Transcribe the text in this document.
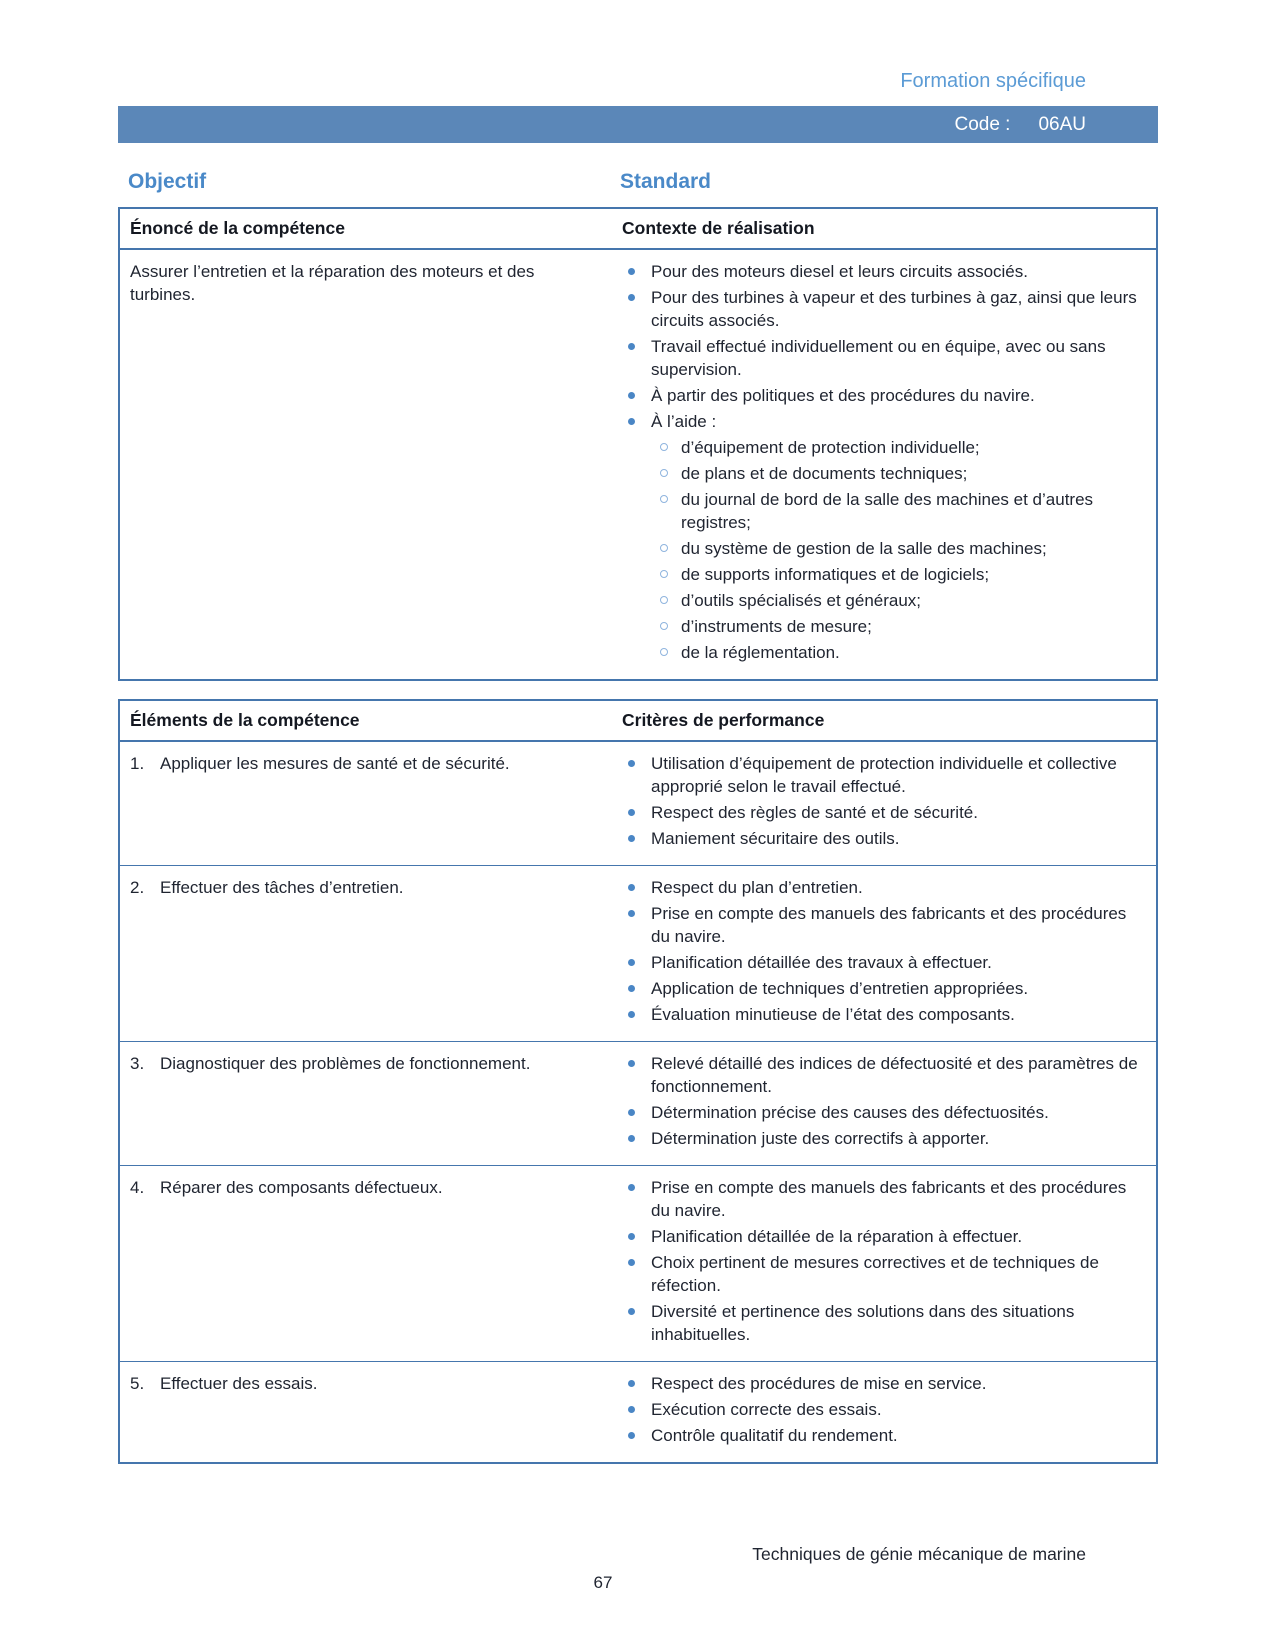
Formation spécifique
Code : 06AU
Objectif	Standard
Énoncé de la compétence	Contexte de réalisation
Assurer l’entretien et la réparation des moteurs et des turbines.
Pour des moteurs diesel et leurs circuits associés.
Pour des turbines à vapeur et des turbines à gaz, ainsi que leurs circuits associés.
Travail effectué individuellement ou en équipe, avec ou sans supervision.
À partir des politiques et des procédures du navire.
À l’aide :
d’équipement de protection individuelle;
de plans et de documents techniques;
du journal de bord de la salle des machines et d’autres registres;
du système de gestion de la salle des machines;
de supports informatiques et de logiciels;
d’outils spécialisés et généraux;
d’instruments de mesure;
de la réglementation.
Éléments de la compétence	Critères de performance
1. Appliquer les mesures de santé et de sécurité.	Utilisation d’équipement de protection individuelle et collective approprié selon le travail effectué.
Respect des règles de santé et de sécurité.
Maniement sécuritaire des outils.
2. Effectuer des tâches d’entretien.	Respect du plan d’entretien.
Prise en compte des manuels des fabricants et des procédures du navire.
Planification détaillée des travaux à effectuer.
Application de techniques d’entretien appropriées.
Évaluation minutieuse de l’état des composants.
3. Diagnostiquer des problèmes de fonctionnement.	Relevé détaillé des indices de défectuosité et des paramètres de fonctionnement.
Détermination précise des causes des défectuosités.
Détermination juste des correctifs à apporter.
4. Réparer des composants défectueux.	Prise en compte des manuels des fabricants et des procédures du navire.
Planification détaillée de la réparation à effectuer.
Choix pertinent de mesures correctives et de techniques de réfection.
Diversité et pertinence des solutions dans des situations inhabituelles.
5. Effectuer des essais.	Respect des procédures de mise en service.
Exécution correcte des essais.
Contrôle qualitatif du rendement.
Techniques de génie mécanique de marine
67
